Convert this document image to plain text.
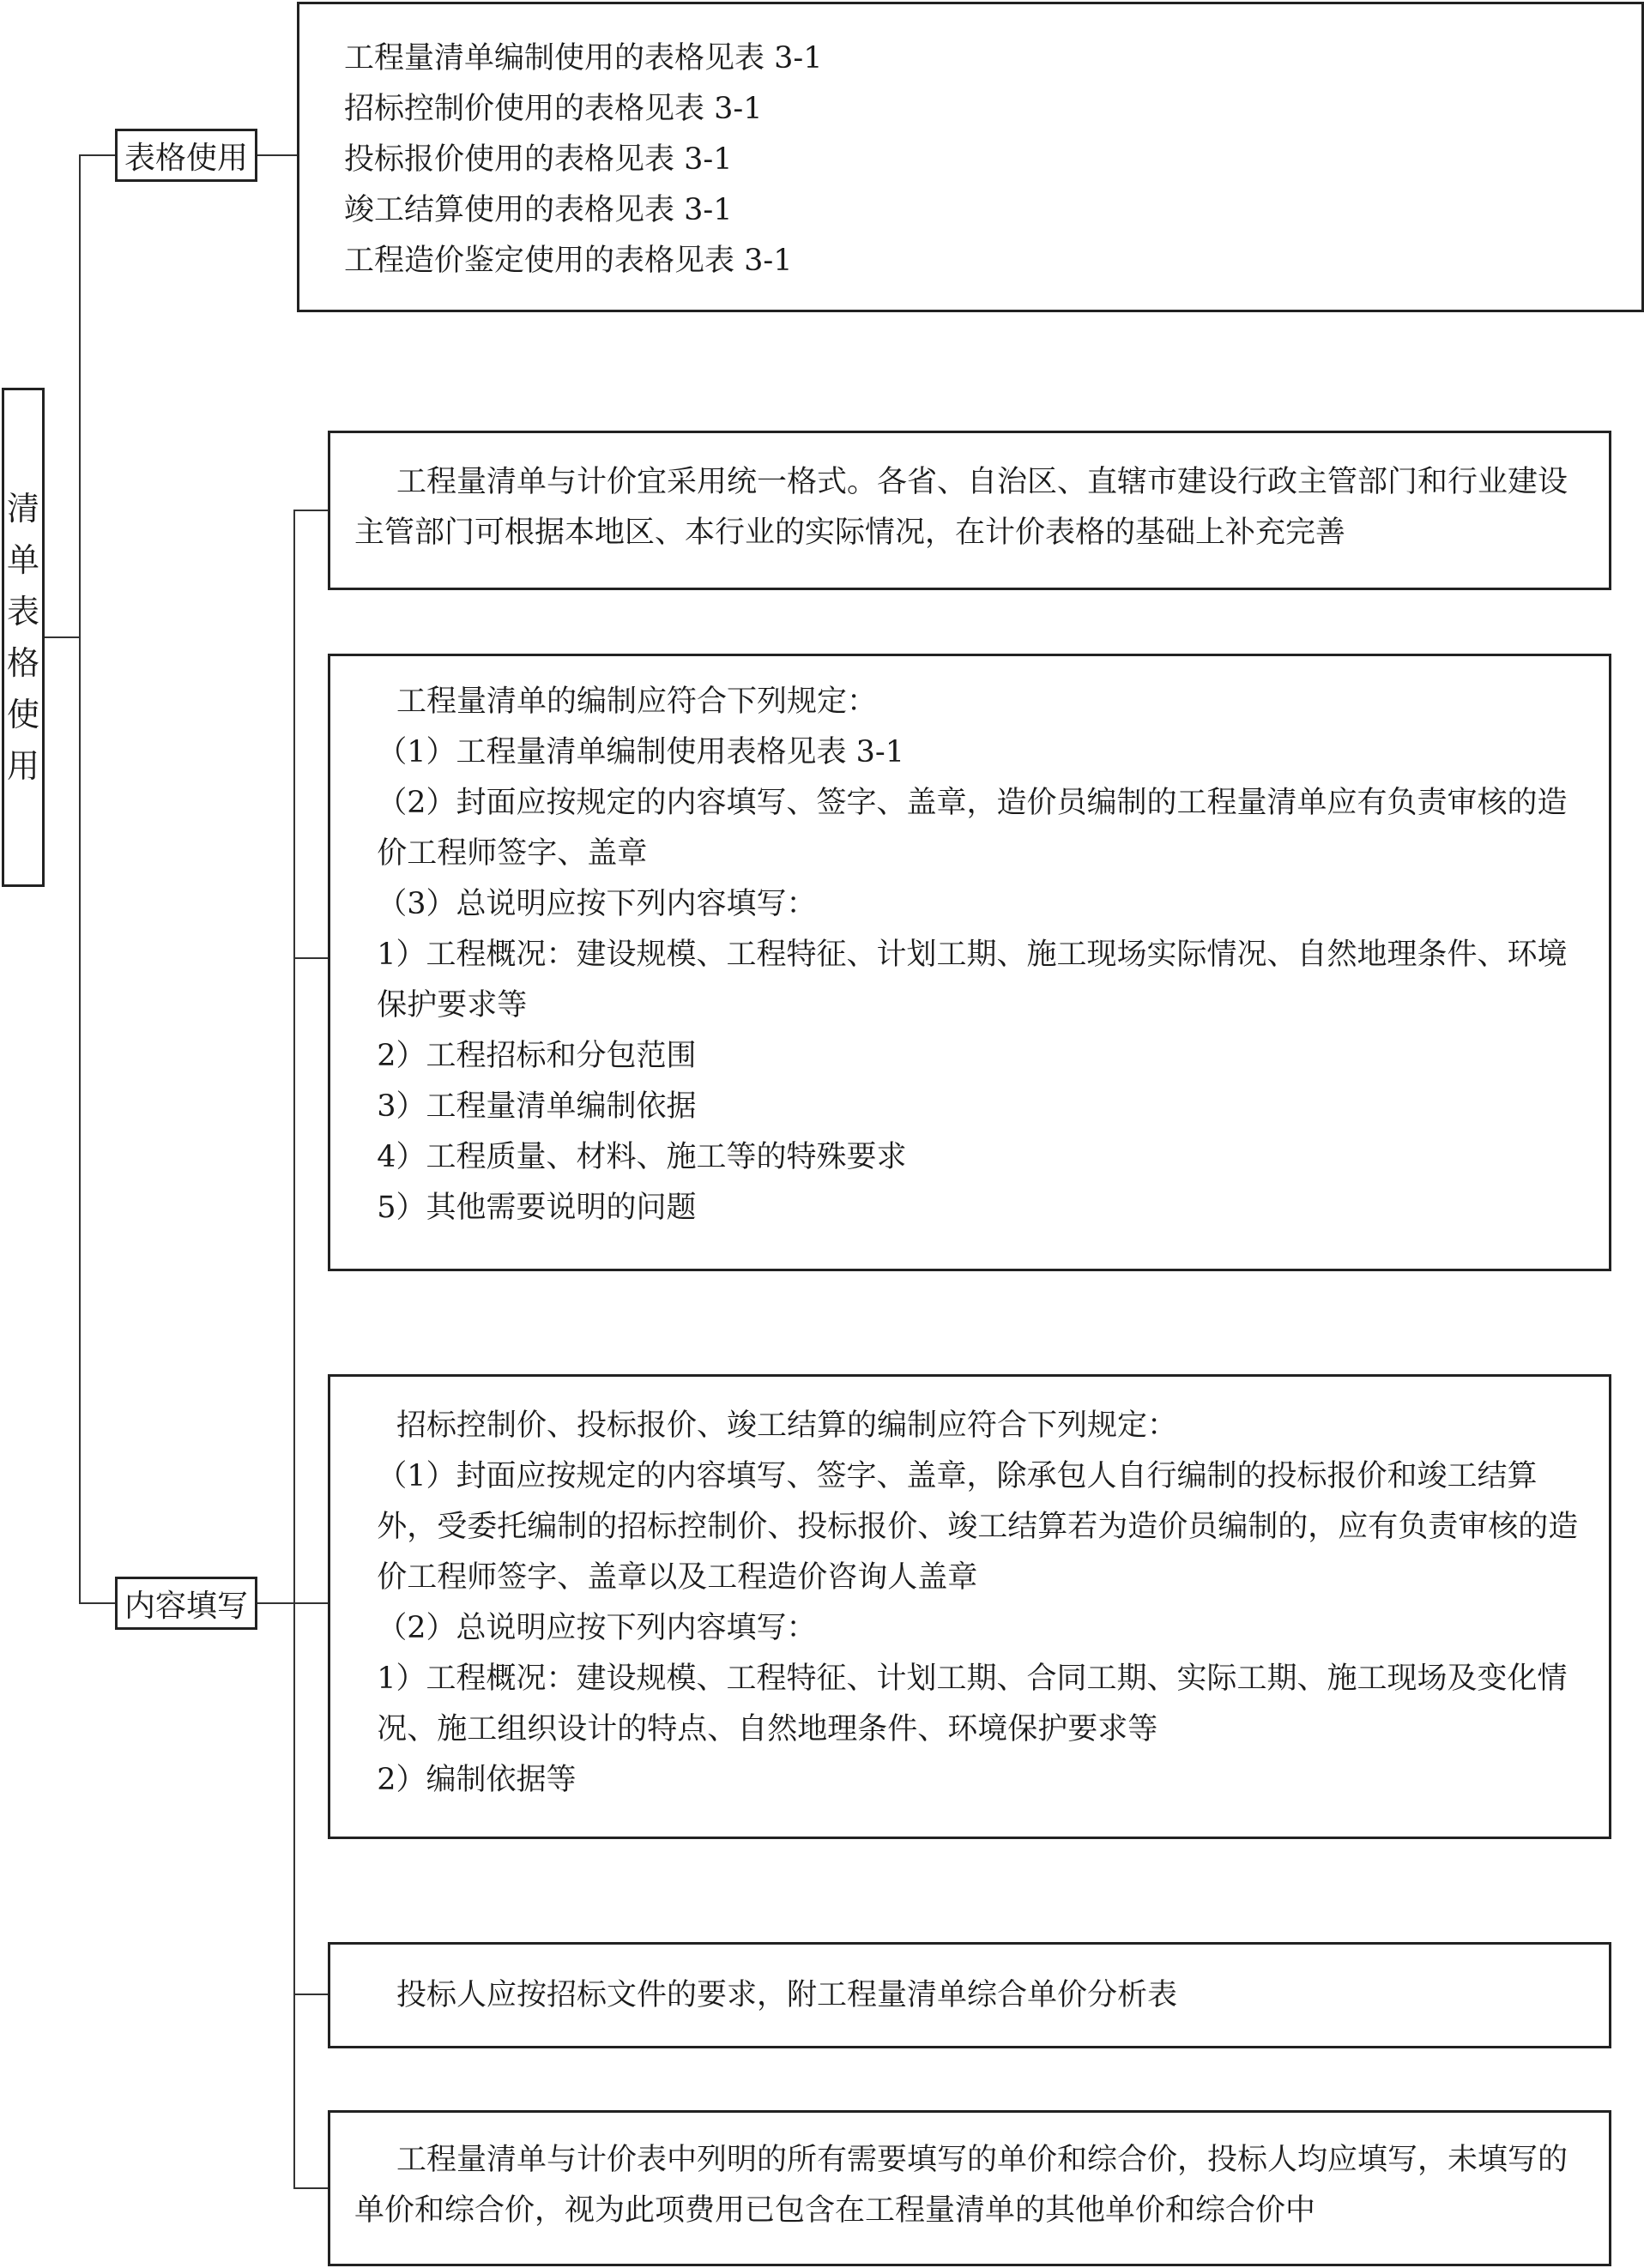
清
单
表
格
使
用
表格使用

工程量清单编制使用的表格见表 3-1

招标控制价使用的表格见表 3-1

投标报价使用的表格见表 3-1

竣工结算使用的表格见表 3-1

工程造价鉴定使用的表格见表 3-1

内容填写

工程量清单与计价宜采用统一格式。各省、自治区、直辖市建设行政主管部门和行业建设主管部门可根据本地区、本行业的实际情况，在计价表格的基础上补充完善

工程量清单的编制应符合下列规定：

（1）工程量清单编制使用表格见表 3-1

（2）封面应按规定的内容填写、签字、盖章，造价员编制的工程量清单应有负责审核的造价工程师签字、盖章

（3）总说明应按下列内容填写：

1）工程概况：建设规模、工程特征、计划工期、施工现场实际情况、自然地理条件、环境保护要求等

2）工程招标和分包范围

3）工程量清单编制依据

4）工程质量、材料、施工等的特殊要求

5）其他需要说明的问题

招标控制价、投标报价、竣工结算的编制应符合下列规定：

（1）封面应按规定的内容填写、签字、盖章，除承包人自行编制的投标报价和竣工结算外，受委托编制的招标控制价、投标报价、竣工结算若为造价员编制的，应有负责审核的造价工程师签字、盖章以及工程造价咨询人盖章

（2）总说明应按下列内容填写：

1）工程概况：建设规模、工程特征、计划工期、合同工期、实际工期、施工现场及变化情况、施工组织设计的特点、自然地理条件、环境保护要求等

2）编制依据等

投标人应按招标文件的要求，附工程量清单综合单价分析表

工程量清单与计价表中列明的所有需要填写的单价和综合价，投标人均应填写，未填写的单价和综合价，视为此项费用已包含在工程量清单的其他单价和综合价中
